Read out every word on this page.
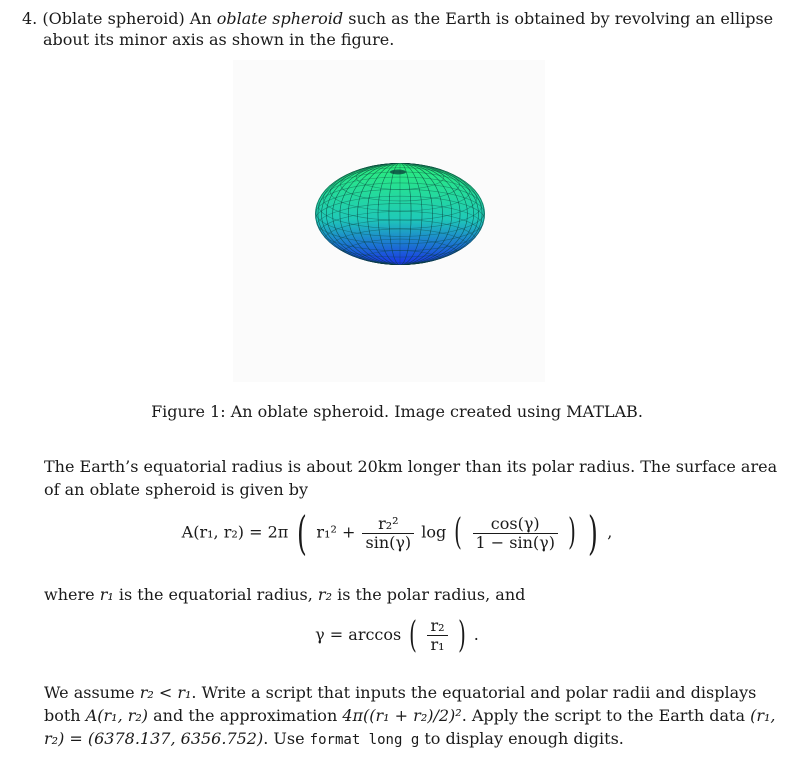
4. (Oblate spheroid) An oblate spheroid such as the Earth is obtained by revolving an ellipse
about its minor axis as shown in the figure.
Figure 1: An oblate spheroid. Image created using MATLAB.
The Earth’s equatorial radius is about 20km longer than its polar radius. The surface area of an oblate spheroid is given by
A(r₁, r₂) = 2π ( $r_1^2 + \frac{\text{r₂²}}{\sin(\gamma)}$ log ( $\frac{\cos(\gamma)}{1 - \sin(\gamma)}$ ) ) ,
where r₁ is the equatorial radius, r₂ is the polar radius, and
γ = arccos ( $\frac{\text{r₂}}{\text{r₁}}$ ) .
We assume r₂ < r₁. Write a script that inputs the equatorial and polar radii and displays both A(r₁, r₂) and the approximation 4π((r₁ + r₂)/2)². Apply the script to the Earth data (r₁, r₂) = (6378.137, 6356.752). Use format long g to display enough digits.
